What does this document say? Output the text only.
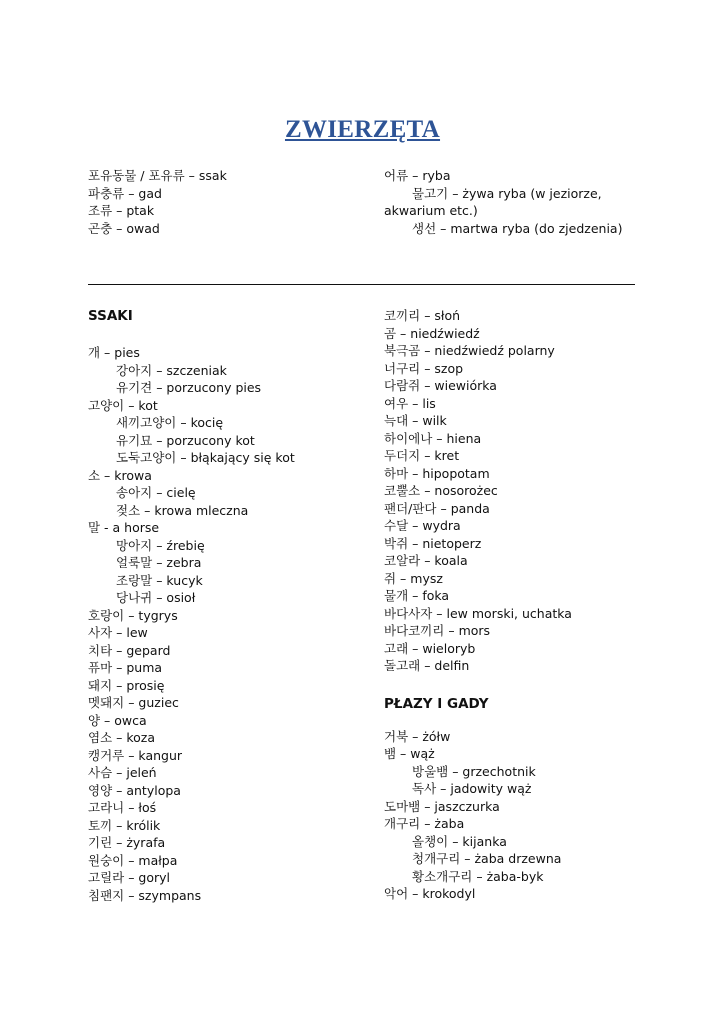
ZWIERZĘTA
포유동물 / 포유류 – ssak
파충류 – gad
조류 – ptak
곤충 – owad
어류 – ryba
물고기 – żywa ryba (w jeziorze,
akwarium etc.)
생선 – martwa ryba (do zjedzenia)
SSAKI
개 – pies
강아지 – szczeniak
유기견 – porzucony pies
고양이 – kot
새끼고양이 – kocię
유기묘 – porzucony kot
도둑고양이 – błąkający się kot
소 – krowa
송아지 – cielę
젖소 – krowa mleczna
말 - a horse
망아지 – źrebię
얼룩말 – zebra
조랑말 – kucyk
당나귀 – osioł
호랑이 – tygrys
사자 – lew
치타 – gepard
퓨마 – puma
돼지 – prosię
멧돼지 – guziec
양 – owca
염소 – koza
캥거루 – kangur
사슴 – jeleń
영양 – antylopa
고라니 – łoś
토끼 – królik
기린 – żyrafa
원숭이 – małpa
고릴라 – goryl
침팬지 – szympans
코끼리 – słoń
곰 – niedźwiedź
북극곰 – niedźwiedź polarny
너구리 – szop
다람쥐 – wiewiórka
여우 – lis
늑대 – wilk
하이에나 – hiena
두더지 – kret
하마 – hipopotam
코뿔소 – nosorożec
팬더/판다 – panda
수달 – wydra
박쥐 – nietoperz
코알라 – koala
쥐 – mysz
물개 – foka
바다사자 – lew morski, uchatka
바다코끼리 – mors
고래 – wieloryb
돌고래 – delfin
PŁAZY I GADY
거북 – żółw
뱀 – wąż
방울뱀 – grzechotnik
독사 – jadowity wąż
도마뱀 – jaszczurka
개구리 – żaba
올챙이 – kijanka
청개구리 – żaba drzewna
황소개구리 – żaba-byk
악어 – krokodyl
